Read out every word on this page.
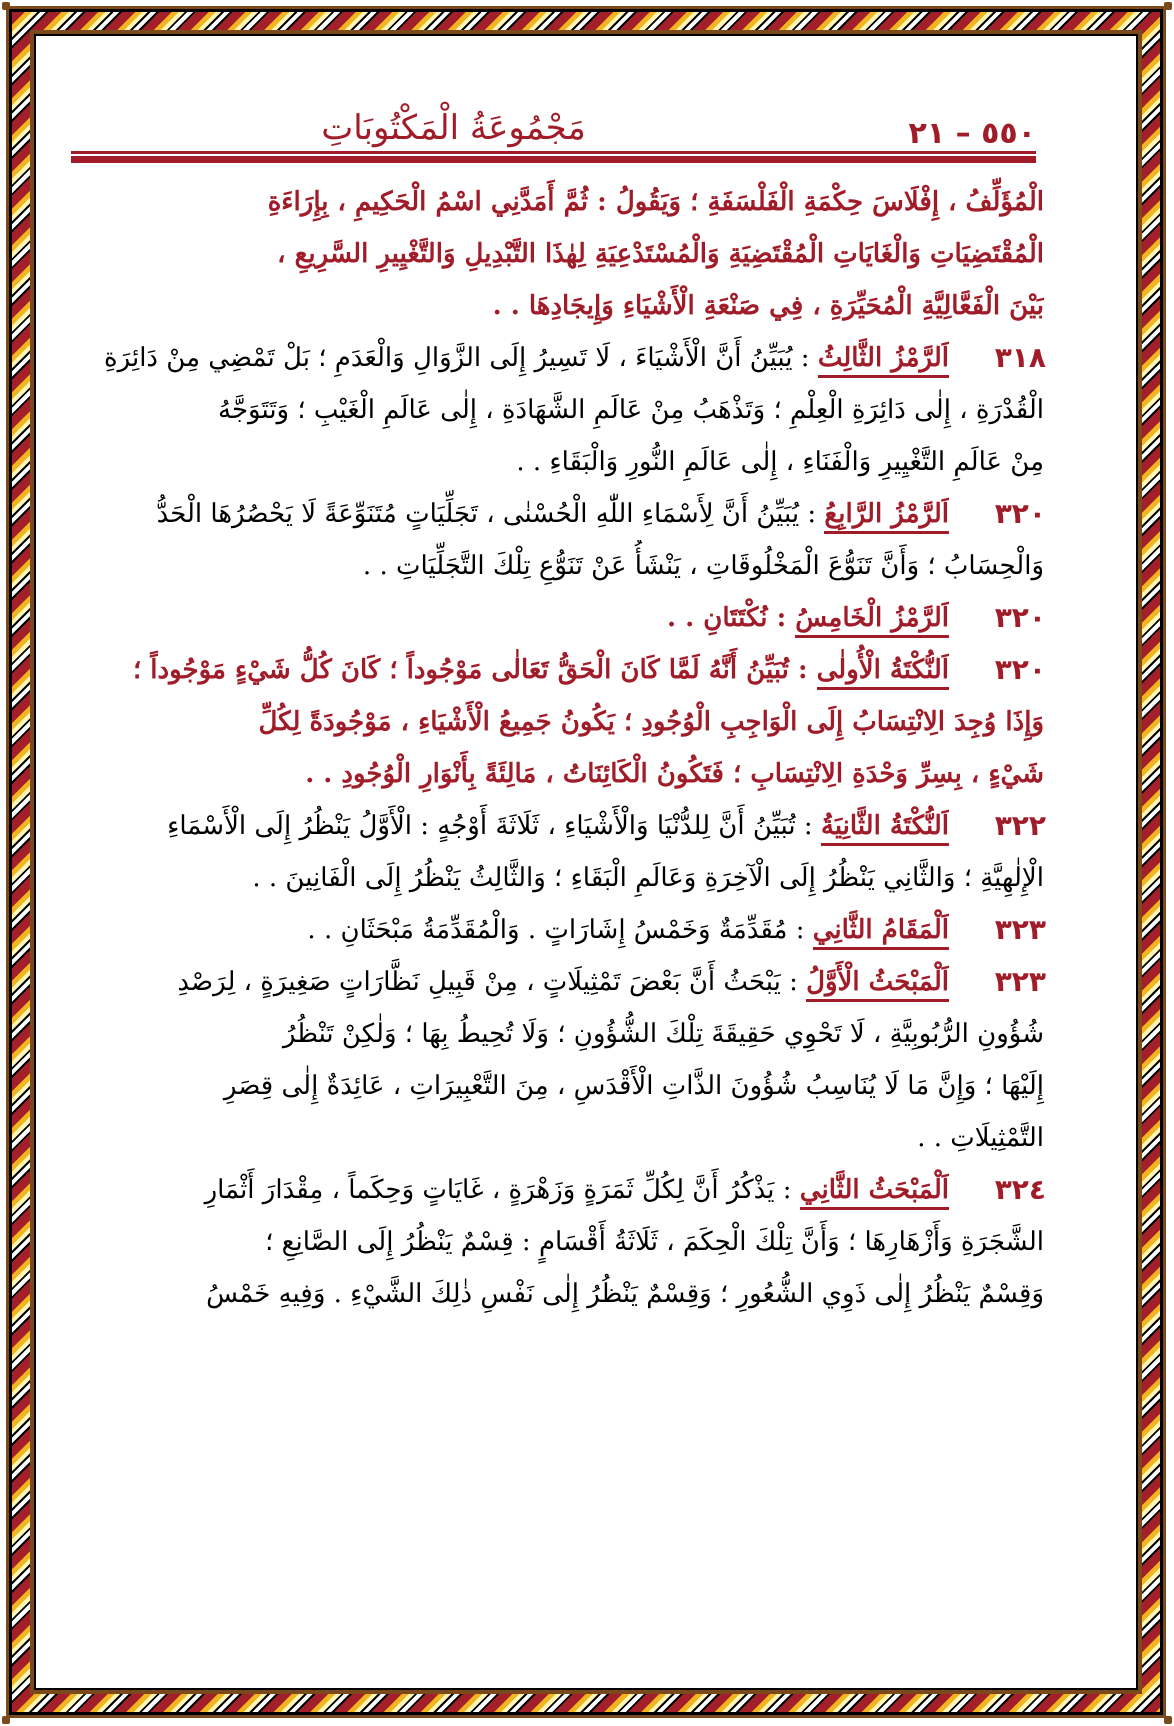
٥٥٠ – ٢١
مَجْمُوعَةُ الْمَكْتُوبَاتِ
الْمُؤَلِّفُ ، إِفْلَاسَ حِكْمَةِ الْفَلْسَفَةِ ؛ وَيَقُولُ : ثُمَّ أَمَدَّنِي اسْمُ الْحَكِيمِ ، بِإِرَاءَةِ
الْمُقْتَضِيَاتِ وَالْغَايَاتِ الْمُقْتَضِيَةِ وَالْمُسْتَدْعِيَةِ لِهٰذَا التَّبْدِيلِ وَالتَّغْيِيرِ السَّرِيعِ ،
بَيْنَ الْفَعَّالِيَّةِ الْمُحَيِّرَةِ ، فِي صَنْعَةِ الْأَشْيَاءِ وَإِيجَادِهَا . .
٣١٨
اَلرَّمْزُ الثَّالِثُ : يُبَيِّنُ أَنَّ الْأَشْيَاءَ ، لَا تَسِيرُ إِلَى الزَّوَالِ وَالْعَدَمِ ؛ بَلْ تَمْضِي مِنْ دَائِرَةِ
الْقُدْرَةِ ، إِلٰى دَائِرَةِ الْعِلْمِ ؛ وَتَذْهَبُ مِنْ عَالَمِ الشَّهَادَةِ ، إِلٰى عَالَمِ الْغَيْبِ ؛ وَتَتَوَجَّهُ
مِنْ عَالَمِ التَّغْيِيرِ وَالْفَنَاءِ ، إِلٰى عَالَمِ النُّورِ وَالْبَقَاءِ . .
٣٢٠
اَلرَّمْزُ الرَّابِعُ : يُبَيِّنُ أَنَّ لِأَسْمَاءِ اللّٰهِ الْحُسْنٰى ، تَجَلِّيَاتٍ مُتَنَوِّعَةً لَا يَحْصُرُهَا الْحَدُّ
وَالْحِسَابُ ؛ وَأَنَّ تَنَوُّعَ الْمَخْلُوقَاتِ ، يَنْشَأُ عَنْ تَنَوُّعِ تِلْكَ التَّجَلِّيَاتِ . .
٣٢٠
اَلرَّمْزُ الْخَامِسُ : نُكْتَتَانِ . .
٣٢٠
اَلنُّكْتَةُ الْأُولٰى : تُبَيِّنُ أَنَّهُ لَمَّا كَانَ الْحَقُّ تَعَالٰى مَوْجُوداً ؛ كَانَ كُلُّ شَيْءٍ مَوْجُوداً ؛
وَإِذَا وُجِدَ الِانْتِسَابُ إِلَى الْوَاجِبِ الْوُجُودِ ؛ يَكُونُ جَمِيعُ الْأَشْيَاءِ ، مَوْجُودَةً لِكُلِّ
شَيْءٍ ، بِسِرِّ وَحْدَةِ الِانْتِسَابِ ؛ فَتَكُونُ الْكَائِنَاتُ ، مَالِئَةً بِأَنْوَارِ الْوُجُودِ . .
٣٢٢
اَلنُّكْتَةُ الثَّانِيَةُ : تُبَيِّنُ أَنَّ لِلدُّنْيَا وَالْأَشْيَاءِ ، ثَلَاثَةَ أَوْجُهٍ : الْأَوَّلُ يَنْظُرُ إِلَى الْأَسْمَاءِ
الْإِلٰهِيَّةِ ؛ وَالثَّانِي يَنْظُرُ إِلَى الْآخِرَةِ وَعَالَمِ الْبَقَاءِ ؛ وَالثَّالِثُ يَنْظُرُ إِلَى الْفَانِينَ . .
٣٢٣
اَلْمَقَامُ الثَّانِي : مُقَدِّمَةٌ وَخَمْسُ إِشَارَاتٍ . وَالْمُقَدِّمَةُ مَبْحَثَانِ . .
٣٢٣
اَلْمَبْحَثُ الْأَوَّلُ : يَبْحَثُ أَنَّ بَعْضَ تَمْثِيلَاتٍ ، مِنْ قَبِيلِ نَظَّارَاتٍ صَغِيرَةٍ ، لِرَصْدِ
شُؤُونِ الرُّبُوبِيَّةِ ، لَا تَحْوِي حَقِيقَةَ تِلْكَ الشُّؤُونِ ؛ وَلَا تُحِيطُ بِهَا ؛ وَلٰكِنْ تَنْظُرُ
إِلَيْهَا ؛ وَإِنَّ مَا لَا يُنَاسِبُ شُؤُونَ الذَّاتِ الْأَقْدَسِ ، مِنَ التَّعْبِيرَاتِ ، عَائِدَةٌ إِلٰى قِصَرِ
التَّمْثِيلَاتِ . .
٣٢٤
اَلْمَبْحَثُ الثَّانِي : يَذْكُرُ أَنَّ لِكُلِّ ثَمَرَةٍ وَزَهْرَةٍ ، غَايَاتٍ وَحِكَماً ، مِقْدَارَ أَثْمَارِ
الشَّجَرَةِ وَأَزْهَارِهَا ؛ وَأَنَّ تِلْكَ الْحِكَمَ ، ثَلَاثَةُ أَقْسَامٍ : قِسْمٌ يَنْظُرُ إِلَى الصَّانِعِ ؛
وَقِسْمٌ يَنْظُرُ إِلٰى ذَوِي الشُّعُورِ ؛ وَقِسْمٌ يَنْظُرُ إِلٰى نَفْسِ ذٰلِكَ الشَّيْءِ . وَفِيهِ خَمْسُ
